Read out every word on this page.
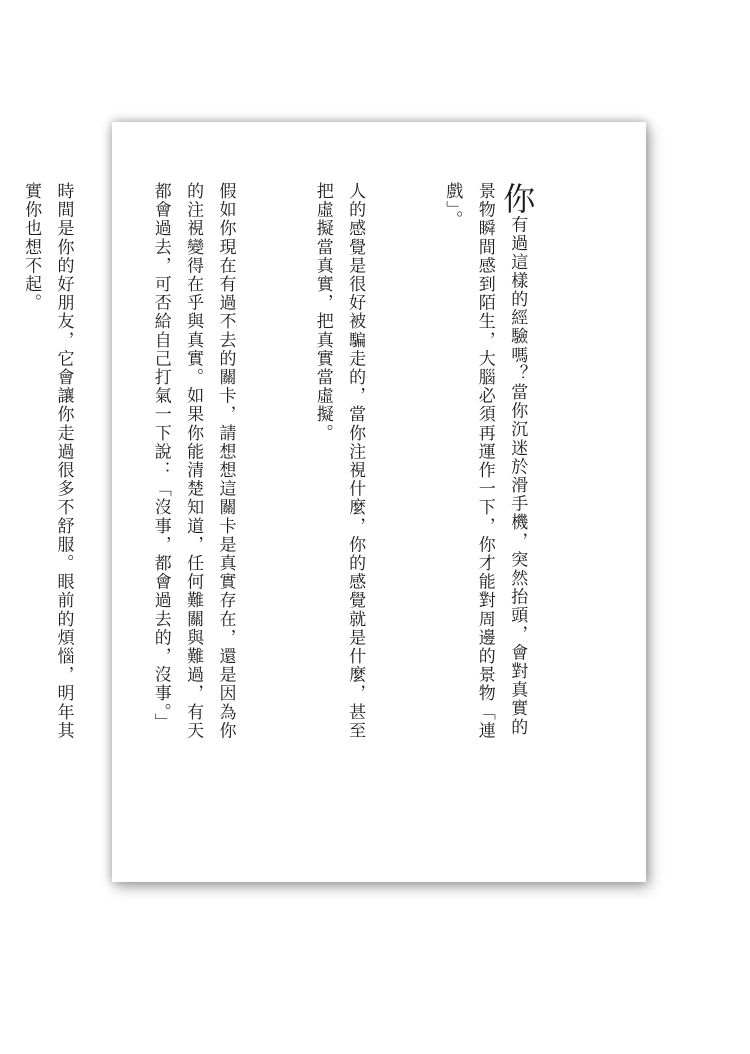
你有過這樣的經驗嗎？當你沉迷於滑手機，突然抬頭，會對真實的景物瞬間感到陌生，大腦必須再運作一下，你才能對周邊的景物「連戲」。

人的感覺是很好被騙走的，當你注視什麼，你的感覺就是什麼，甚至把虛擬當真實，把真實當虛擬。

假如你現在有過不去的關卡，請想想這關卡是真實存在，還是因為你的注視變得在乎與真實。如果你能清楚知道，任何難關與難過，有天都會過去，可否給自己打氣一下說：「沒事，都會過去的，沒事。」

時間是你的好朋友，它會讓你走過很多不舒服。眼前的煩惱，明年其實你也想不起。
